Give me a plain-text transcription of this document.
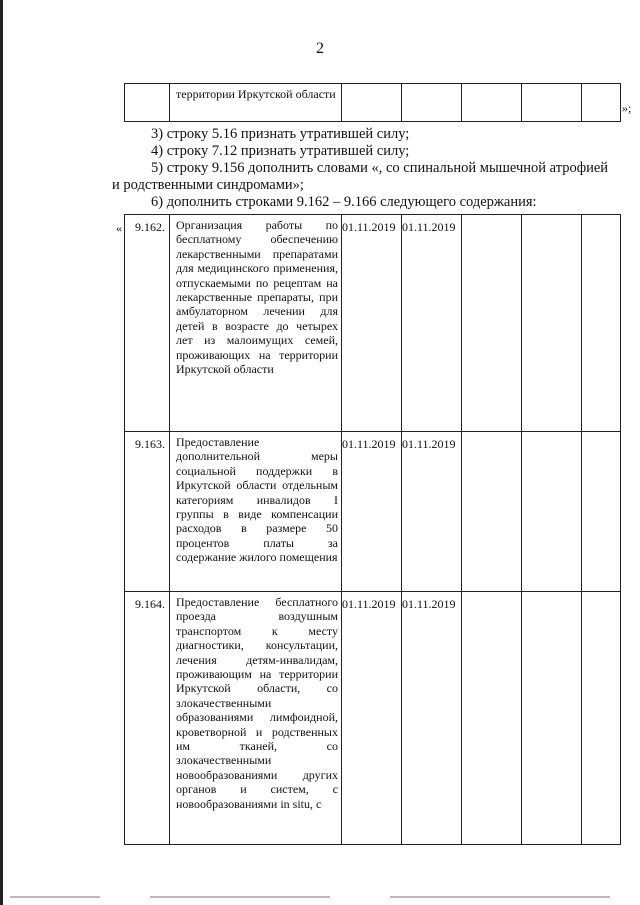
2

территории Иркутской области

»;
3) строку 5.16 признать утратившей силу;
4) строку 7.12 признать утратившей силу;
5) строку 9.156 дополнить словами «, со спинальной мышечной атрофией
и родственными синдромами»;
6) дополнить строками 9.162 – 9.166 следующего содержания:
« 9.162.	Организация работы по бесплатному обеспечению лекарственными препаратами для медицинского применения, отпускаемыми по рецептам на лекарственные препараты, при амбулаторном лечении для детей в возрасте до четырех лет из малоимущих семей, проживающих на территории Иркутской области	01.11.2019	01.11.2019			
9.163.	Предоставление дополнительной меры социальной поддержки в Иркутской области отдельным категориям инвалидов I группы в виде компенсации расходов в размере 50 процентов платы за содержание жилого помещения	01.11.2019	01.11.2019			
9.164.	Предоставление бесплатного проезда воздушным транспортом к месту диагностики, консультации, лечения детям-инвалидам, проживающим на территории Иркутской области, со злокачественными образованиями лимфоидной, кроветворной и родственных им тканей, со злокачественными новообразованиями других органов и систем, с новообразованиями in situ, с	01.11.2019	01.11.2019			
